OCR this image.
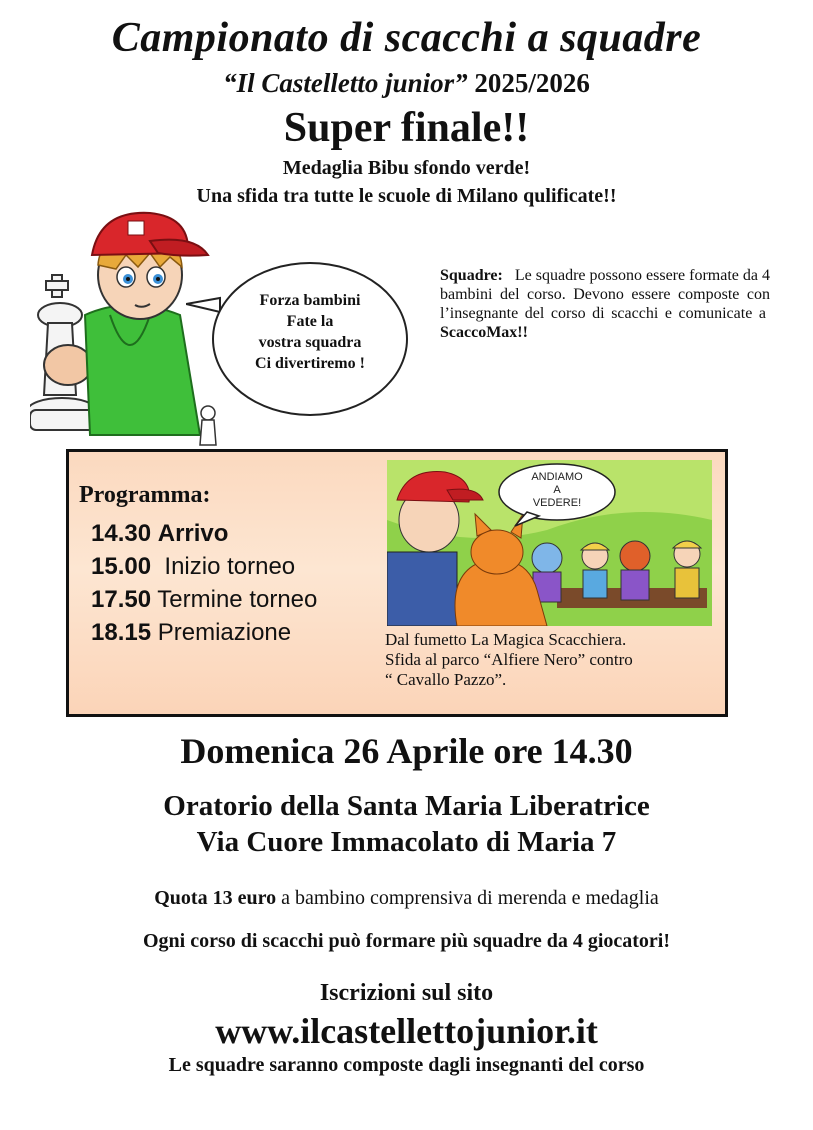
Campionato di scacchi a squadre
“Il Castelletto junior” 2025/2026
Super finale!!
Medaglia Bibu sfondo verde!
Una sfida tra tutte le scuole di Milano qulificate!!
Forza bambini
Fate la
vostra squadra
Ci divertiremo !
Squadre: Le squadre possono essere formate da 4 bambini del corso. Devono essere composte con l’insegnante del corso di scacchi e comunicate a  ScaccoMax!!
Programma:
14.30 Arrivo
15.00 Inizio torneo
17.50 Termine torneo
18.15 Premiazione
ANDIAMO
A
VEDERE!
Dal fumetto La Magica Scacchiera.
Sfida al parco “Alfiere Nero” contro
“ Cavallo Pazzo”.
Domenica 26 Aprile ore 14.30
Oratorio della Santa Maria Liberatrice
Via Cuore Immacolato di Maria 7
Quota 13 euro a bambino comprensiva di merenda e medaglia
Ogni corso di scacchi può formare più squadre da 4 giocatori!
Iscrizioni sul sito
www.ilcastellettojunior.it
Le squadre saranno composte dagli insegnanti del corso
